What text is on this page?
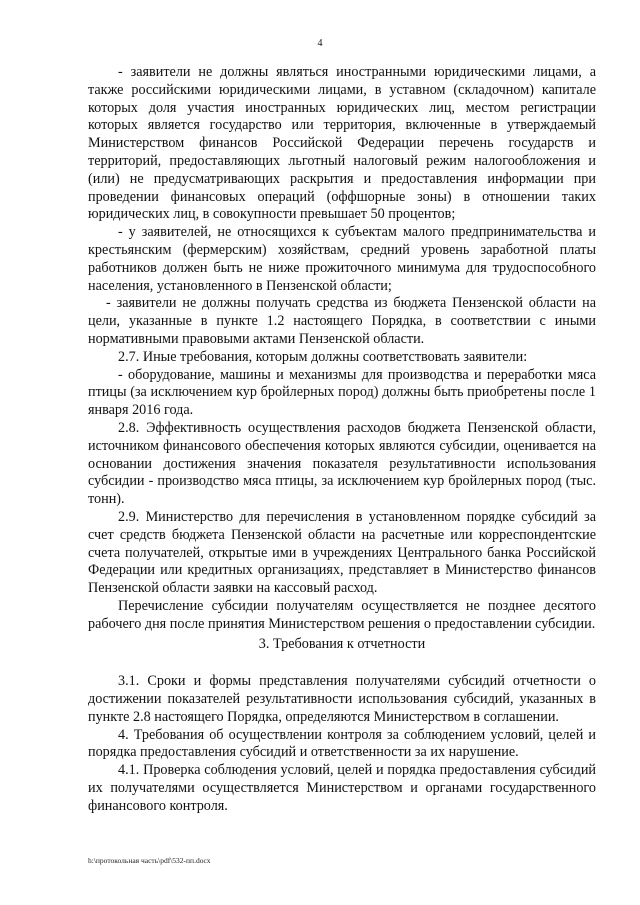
4

- заявители не должны являться иностранными юридическими лицами, а также российскими юридическими лицами, в уставном (складочном) капитале которых доля участия иностранных юридических лиц, местом регистрации которых является государство или территория, включенные в утверждаемый Министерством финансов Российской Федерации перечень государств и территорий, предоставляющих льготный налоговый режим налогообложения и (или) не предусматривающих раскрытия и предоставления информации при проведении финансовых операций (оффшорные зоны) в отношении таких юридических лиц, в совокупности превышает 50 процентов;

- у заявителей, не относящихся к субъектам малого предпринимательства и крестьянским (фермерским) хозяйствам, средний уровень заработной платы работников должен быть не ниже прожиточного минимума для трудоспособного населения, установленного в Пензенской области;

- заявители не должны получать средства из бюджета Пензенской области на цели, указанные в пункте 1.2 настоящего Порядка, в соответствии с иными нормативными правовыми актами Пензенской области.

2.7. Иные требования, которым должны соответствовать заявители:

- оборудование, машины и механизмы для производства и переработки мяса птицы (за исключением кур бройлерных пород) должны быть приобретены после 1 января 2016 года.

2.8. Эффективность осуществления расходов бюджета Пензенской области, источником финансового обеспечения которых являются субсидии, оценивается на основании достижения значения показателя результативности использования субсидии - производство мяса птицы, за исключением кур бройлерных пород (тыс. тонн).

2.9. Министерство для перечисления в установленном порядке субсидий за счет средств бюджета Пензенской области на расчетные или корреспондентские счета получателей, открытые ими в учреждениях Центрального банка Российской Федерации или кредитных организациях, представляет в Министерство финансов Пензенской области заявки на кассовый расход.

Перечисление субсидии получателям осуществляется не позднее десятого рабочего дня после принятия Министерством решения о предоставлении субсидии.

3. Требования к отчетности

3.1. Сроки и формы представления получателями субсидий отчетности о достижении показателей результативности использования субсидий, указанных в пункте 2.8 настоящего Порядка, определяются Министерством в соглашении.

4. Требования об осуществлении контроля за соблюдением условий, целей и порядка предоставления субсидий и ответственности за их нарушение.

4.1. Проверка соблюдения условий, целей и порядка предоставления субсидий их получателями осуществляется Министерством и органами государственного финансового контроля.

h:\протокольная часть\pdf\532-пп.docx
